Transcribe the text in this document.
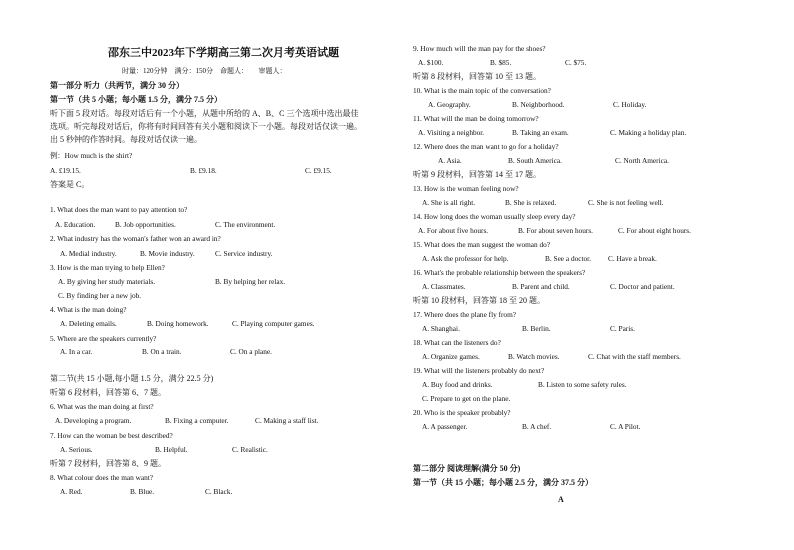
邵东三中2023年下学期高三第二次月考英语试题
时量：120分钟　满分：150分　命题人：　　审题人：
第一部分 听力（共两节，满分 30 分）
第一节（共 5 小题；每小题 1.5 分，满分 7.5 分）
听下面 5 段对话。每段对话后有一个小题，从题中所给的 A、B、C 三个选项中选出最佳
选项。听完每段对话后，你将有时间回答有关小题和阅读下一小题。每段对话仅读一遍。
出 5 秒钟的作答时间。每段对话仅读一遍。
例：How much is the shirt?
A. £19.15.	B. £9.18.	C. £9.15.
答案是 C。
1. What does the man want to pay attention to?
A. Education.	B. Job opportunities.	C. The environment.
2. What industry has the woman's father won an award in?
A. Medial industry.	B. Movie industry.	C. Service industry.
3. How is the man trying to help Ellen?
A. By giving her study materials.	B. By helping her relax.
C. By finding her a new job.
4. What is the man doing?
A. Deleting emails.	B. Doing homework.	C. Playing computer games.
5. Where are the speakers currently?
A. In a car.	B. On a train.	C. On a plane.
第二节(共 15 小题,每小题 1.5 分，满分 22.5 分)
听第 6 段材料，回答第 6、7 题。
6. What was the man doing at first?
A. Developing a program.	B. Fixing a computer.	C. Making a staff list.
7. How can the woman be best described?
A. Serious.	B. Helpful.	C. Realistic.
听第 7 段材料，回答第 8、9 题。
8. What colour does the man want?
A. Red.	B. Blue.	C. Black.
9. How much will the man pay for the shoes?
A. $100.	B. $85.	C. $75.
听第 8 段材料，回答第 10 至 13 题。
10. What is the main topic of the conversation?
A. Geography.	B. Neighborhood.	C. Holiday.
11. What will the man be doing tomorrow?
A. Visiting a neighbor.	B. Taking an exam.	C. Making a holiday plan.
12. Where does the man want to go for a holiday?
A. Asia.	B. South America.	C. North America.
听第 9 段材料，回答第 14 至 17 题。
13. How is the woman feeling now?
A. She is all right.	B. She is relaxed.	C. She is not feeling well.
14. How long does the woman usually sleep every day?
A. For about five hours.	B. For about seven hours.	C. For about eight hours.
15. What does the man suggest the woman do?
A. Ask the professor for help.	B. See a doctor. C. Have a break.
16. What's the probable relationship between the speakers?
A. Classmates.	B. Parent and child.	C. Doctor and patient.
听第 10 段材料，回答第 18 至 20 题。
17. Where does the plane fly from?
A. Shanghai.	B. Berlin.	C. Paris.
18. What can the listeners do?
A. Organize games.	B. Watch movies.	C. Chat with the staff members.
19. What will the listeners probably do next?
A. Buy food and drinks.	B. Listen to some safety rules.
C. Prepare to get on the plane.
20. Who is the speaker probably?
A. A passenger.	B. A chef.	C. A Pilot.
第二部分 阅读理解(满分 50 分)
第一节（共 15 小题；每小题 2.5 分，满分 37.5 分）
A
